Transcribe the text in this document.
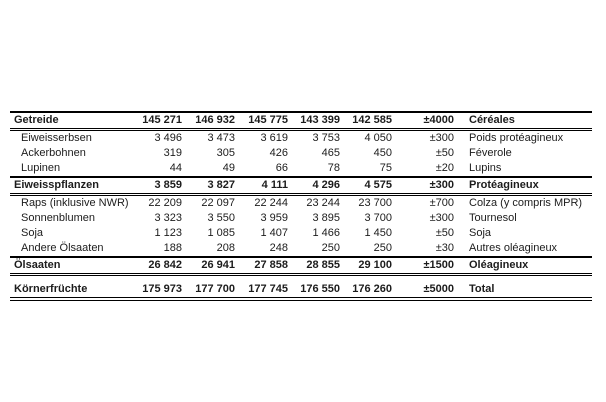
Getreide	145 271	146 932	145 775	143 399	142 585	±4000	Céréales
Eiweisserbsen	3 496	3 473	3 619	3 753	4 050	±300	Poids protéagineux
Ackerbohnen	319	305	426	465	450	±50	Féverole
Lupinen	44	49	66	78	75	±20	Lupins
Eiweisspflanzen	3 859	3 827	4 111	4 296	4 575	±300	Protéagineux
Raps (inklusive NWR)	22 209	22 097	22 244	23 244	23 700	±700	Colza (y compris MPR)
Sonnenblumen	3 323	3 550	3 959	3 895	3 700	±300	Tournesol
Soja	1 123	1 085	1 407	1 466	1 450	±50	Soja
Andere Ölsaaten	188	208	248	250	250	±30	Autres oléagineux
Ölsaaten	26 842	26 941	27 858	28 855	29 100	±1500	Oléagineux

Körnerfrüchte	175 973	177 700	177 745	176 550	176 260	±5000	Total
